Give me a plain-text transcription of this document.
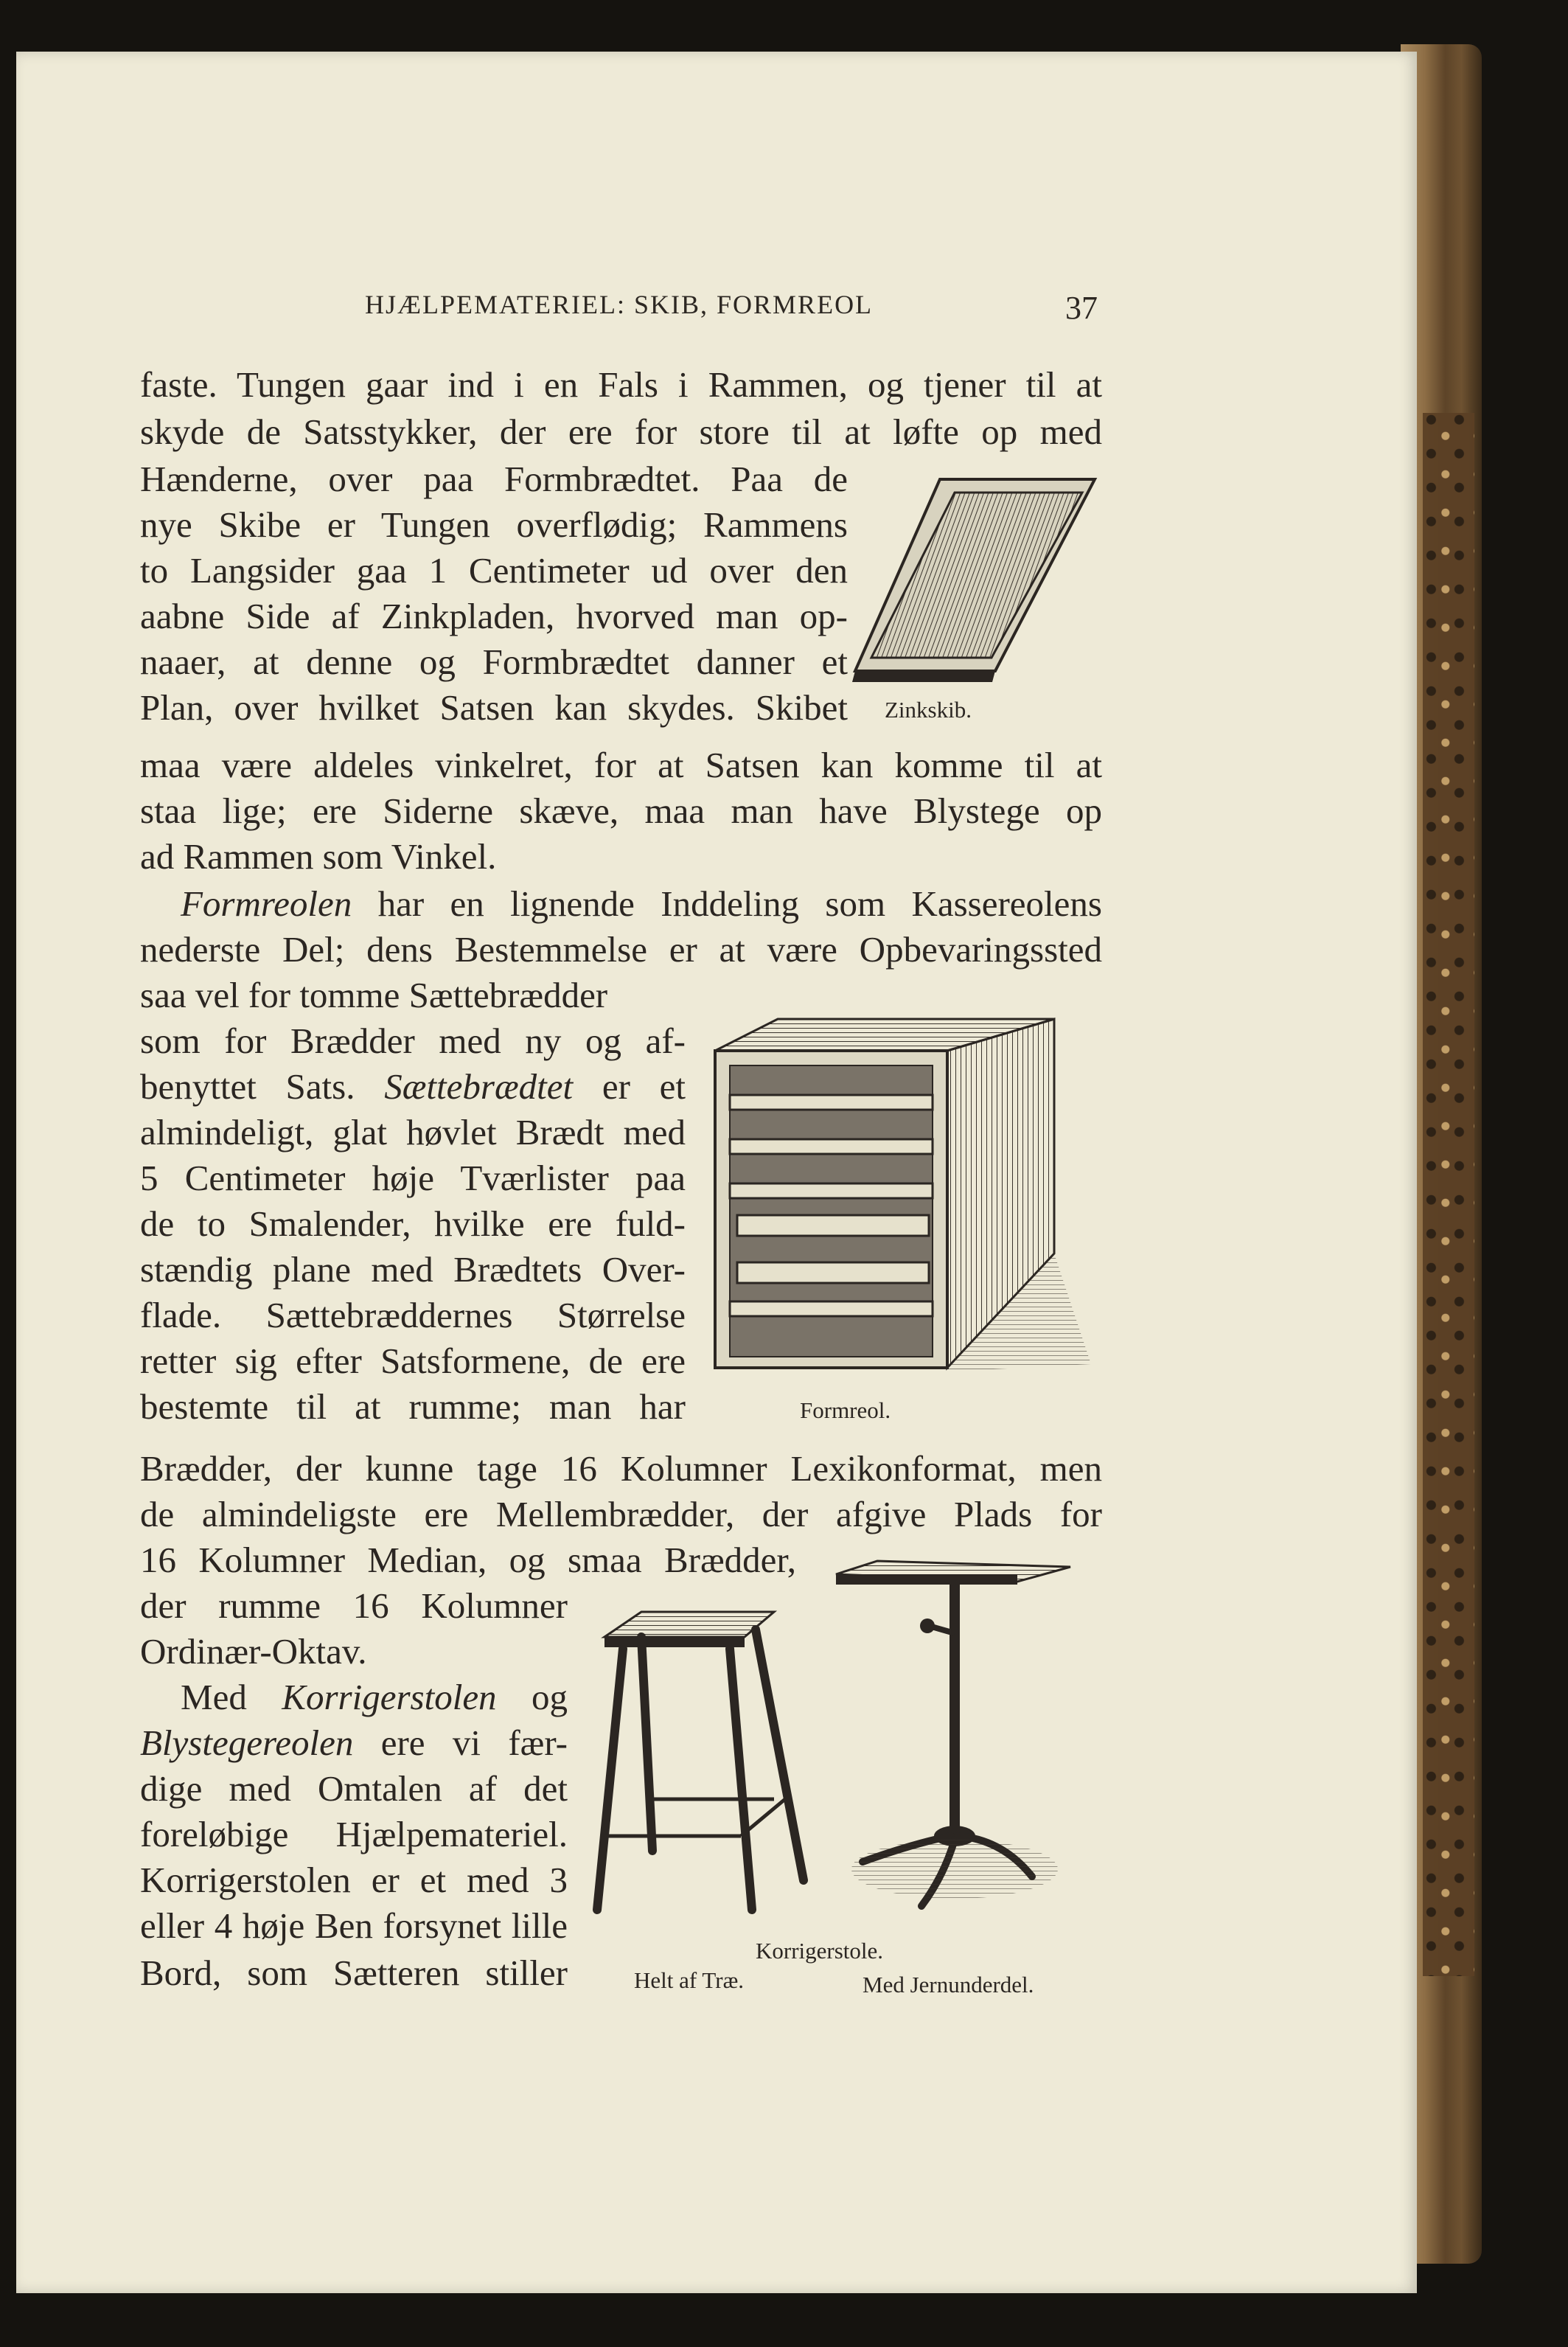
HJÆLPEMATERIEL: SKIB, FORMREOL	37
faste. Tungen gaar ind i en Fals i Rammen, og tjener til at
skyde de Satsstykker, der ere for store til at løfte op med
Hænderne, over paa Formbrædtet. Paa de
nye Skibe er Tungen overflødig; Rammens
to Langsider gaa 1 Centimeter ud over den
aabne Side af Zinkpladen, hvorved man op-
naaer, at denne og Formbrædtet danner et
Plan, over hvilket Satsen kan skydes. Skibet
maa være aldeles vinkelret, for at Satsen kan komme til at
staa lige; ere Siderne skæve, maa man have Blystege op
ad Rammen som Vinkel.
Zinkskib.
Formreolen har en lignende Inddeling som Kassereolens
nederste Del; dens Bestemmelse er at være Opbevaringssted
saa vel for tomme Sættebrædder
som for Brædder med ny og af-
benyttet Sats. Sættebrædtet er et
almindeligt, glat høvlet Brædt med
5 Centimeter høje Tværlister paa
de to Smalender, hvilke ere fuld-
stændig plane med Brædtets Over-
flade. Sættebræddernes Størrelse
retter sig efter Satsformene, de ere
bestemte til at rumme; man har
Brædder, der kunne tage 16 Kolumner Lexikonformat, men
de almindeligste ere Mellembrædder, der afgive Plads for
16 Kolumner Median, og smaa Brædder,
der rumme 16 Kolumner
Ordinær-Oktav.
Formreol.
Med Korrigerstolen og
Blystegereolen ere vi fær-
dige med Omtalen af det
foreløbige Hjælpemateriel.
Korrigerstolen er et med 3
eller 4 høje Ben forsynet lille
Bord, som Sætteren stiller
Korrigerstole.
Helt af Træ.	Med Jernunderdel.
